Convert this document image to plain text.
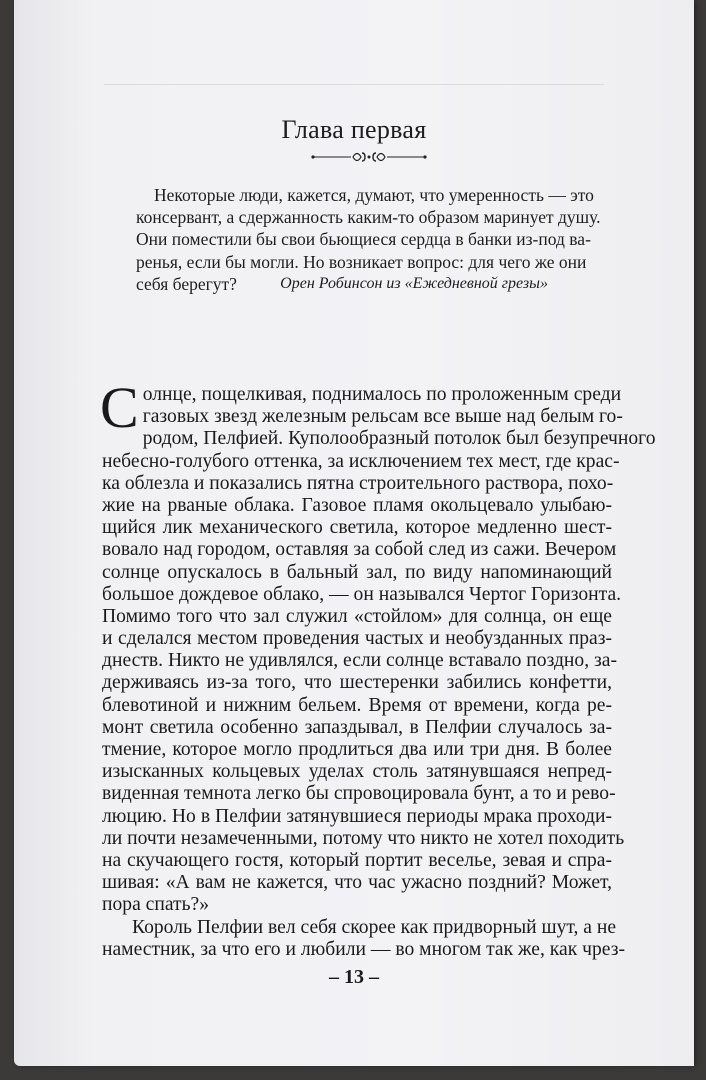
Глава первая
Некоторые люди, кажется, думают, что умеренность — это
консервант, а сдержанность каким-то образом маринует душу.
Они поместили бы свои бьющиеся сердца в банки из-под ва-
ренья, если бы могли. Но возникает вопрос: для чего же они
себя берегут?	Орен Робинсон из «Ежедневной грезы»
С олнце, пощелкивая, поднималось по проложенным среди
газовых звезд железным рельсам все выше над белым го-
родом, Пелфией. Куполообразный потолок был безупречного
небесно-голубого оттенка, за исключением тех мест, где крас-
ка облезла и показались пятна строительного раствора, похо-
жие на рваные облака. Газовое пламя окольцевало улыбаю-
щийся лик механического светила, которое медленно шест-
вовало над городом, оставляя за собой след из сажи. Вечером
солнце опускалось в бальный зал, по виду напоминающий
большое дождевое облако, — он назывался Чертог Горизонта.
Помимо того что зал служил «стойлом» для солнца, он еще
и сделался местом проведения частых и необузданных праз-
днеств. Никто не удивлялся, если солнце вставало поздно, за-
держиваясь из-за того, что шестеренки забились конфетти,
блевотиной и нижним бельем. Время от времени, когда ре-
монт светила особенно запаздывал, в Пелфии случалось за-
тмение, которое могло продлиться два или три дня. В более
изысканных кольцевых уделах столь затянувшаяся непред-
виденная темнота легко бы спровоцировала бунт, а то и рево-
люцию. Но в Пелфии затянувшиеся периоды мрака проходи-
ли почти незамеченными, потому что никто не хотел походить
на скучающего гостя, который портит веселье, зевая и спра-
шивая: «А вам не кажется, что час ужасно поздний? Может,
пора спать?»
Король Пелфии вел себя скорее как придворный шут, а не
наместник, за что его и любили — во многом так же, как чрез-
– 13 –
